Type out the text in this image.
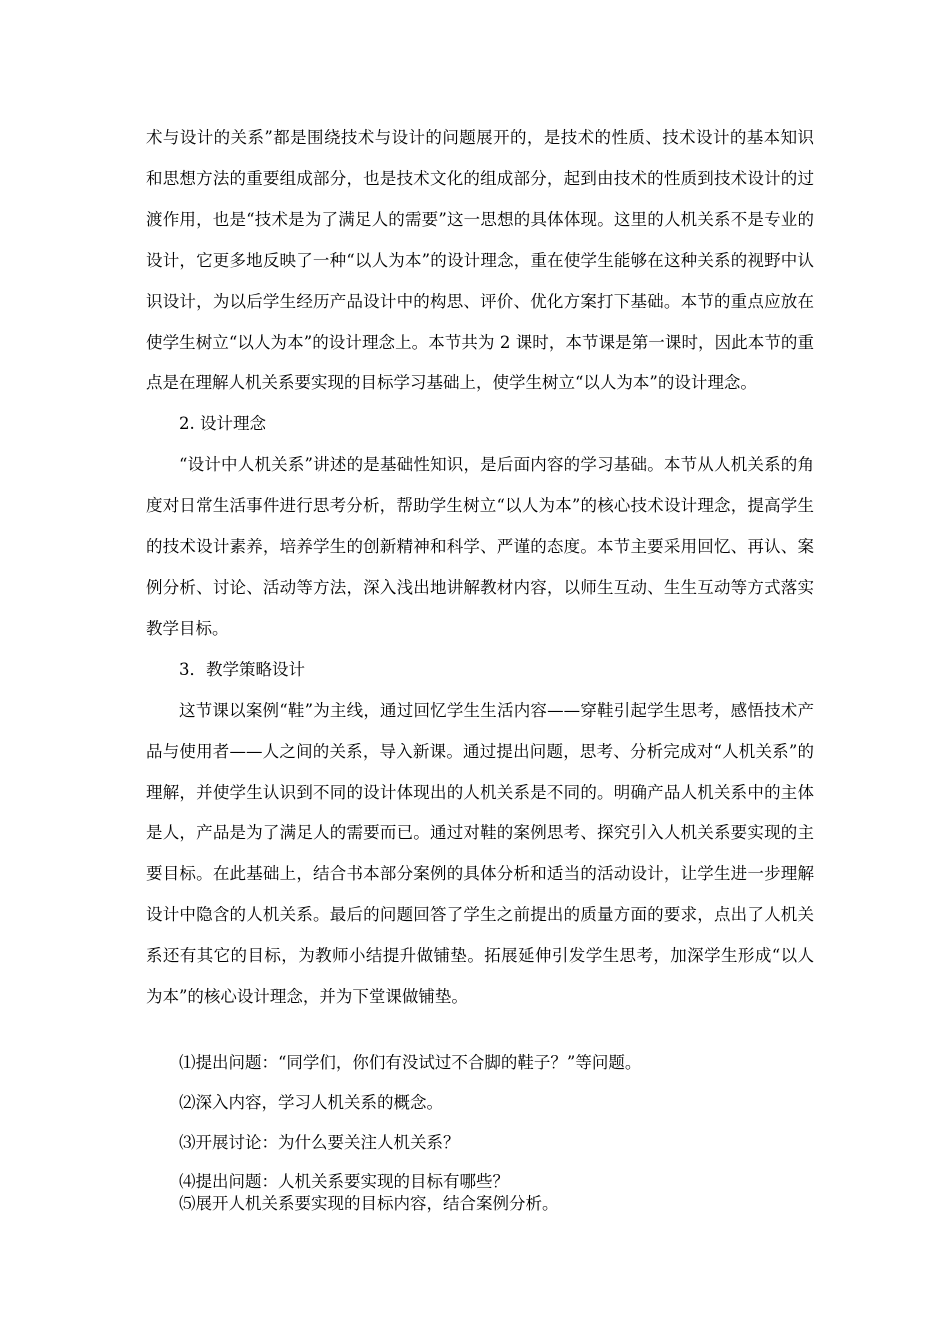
术与设计的关系”都是围绕技术与设计的问题展开的，是技术的性质、技术设计的基本知识和思想方法的重要组成部分，也是技术文化的组成部分，起到由技术的性质到技术设计的过渡作用，也是“技术是为了满足人的需要”这一思想的具体体现。这里的人机关系不是专业的设计，它更多地反映了一种“以人为本”的设计理念，重在使学生能够在这种关系的视野中认识设计，为以后学生经历产品设计中的构思、评价、优化方案打下基础。本节的重点应放在使学生树立“以人为本”的设计理念上。本节共为 2 课时，本节课是第一课时，因此本节的重点是在理解人机关系要实现的目标学习基础上，使学生树立“以人为本”的设计理念。

2. 设计理念

“设计中人机关系”讲述的是基础性知识，是后面内容的学习基础。本节从人机关系的角度对日常生活事件进行思考分析，帮助学生树立“以人为本”的核心技术设计理念，提高学生的技术设计素养，培养学生的创新精神和科学、严谨的态度。本节主要采用回忆、再认、案例分析、讨论、活动等方法，深入浅出地讲解教材内容，以师生互动、生生互动等方式落实教学目标。

3．教学策略设计

这节课以案例“鞋”为主线，通过回忆学生生活内容——穿鞋引起学生思考，感悟技术产品与使用者——人之间的关系，导入新课。通过提出问题，思考、分析完成对“人机关系”的理解，并使学生认识到不同的设计体现出的人机关系是不同的。明确产品人机关系中的主体是人，产品是为了满足人的需要而已。通过对鞋的案例思考、探究引入人机关系要实现的主要目标。在此基础上，结合书本部分案例的具体分析和适当的活动设计，让学生进一步理解设计中隐含的人机关系。最后的问题回答了学生之前提出的质量方面的要求，点出了人机关系还有其它的目标，为教师小结提升做铺垫。拓展延伸引发学生思考，加深学生形成“以人为本”的核心设计理念，并为下堂课做铺垫。

⑴提出问题：“同学们，你们有没试过不合脚的鞋子？”等问题。

⑵深入内容，学习人机关系的概念。

⑶开展讨论：为什么要关注人机关系？

⑷提出问题：人机关系要实现的目标有哪些？

⑸展开人机关系要实现的目标内容，结合案例分析。
